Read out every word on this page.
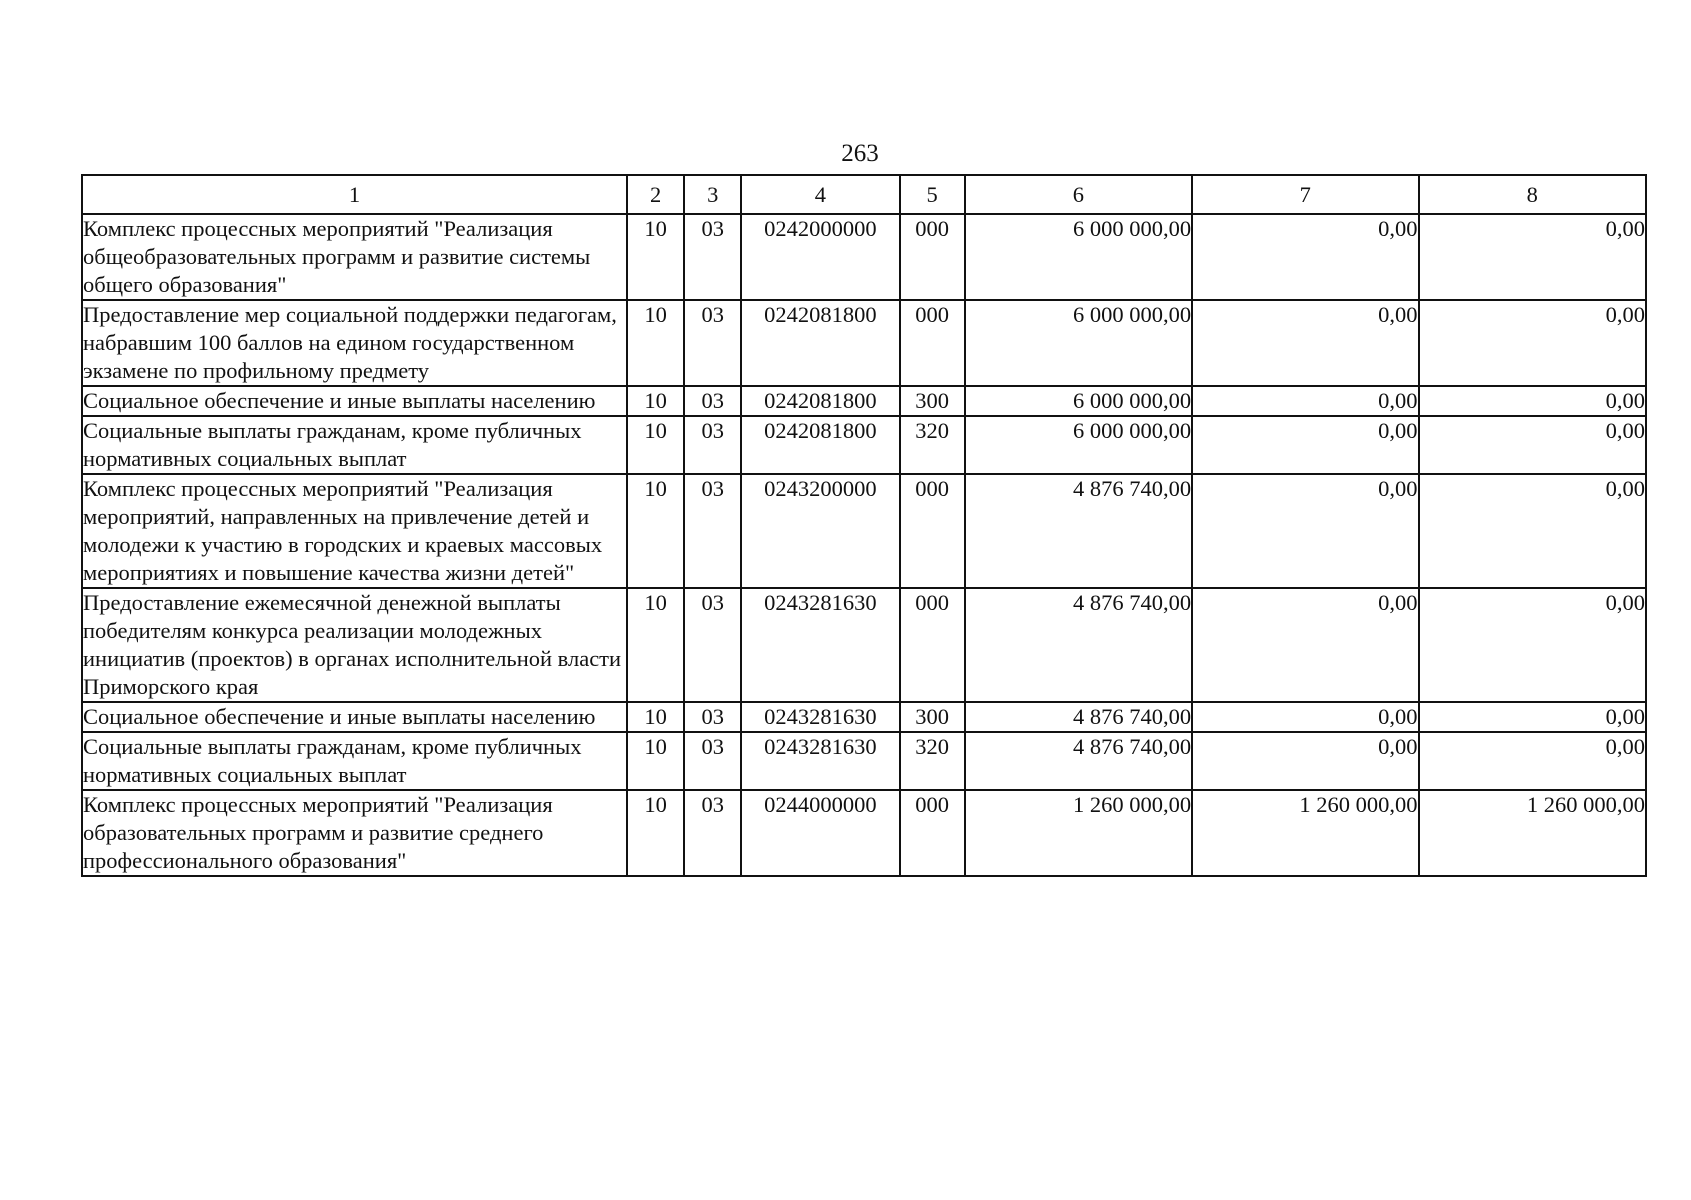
263
1	2	3	4	5	6	7	8
Комплекс процессных мероприятий "Реализация общеобразовательных программ и развитие системы общего образования"	10	03	0242000000	000	6 000 000,00	0,00	0,00

Предоставление мер социальной поддержки педагогам, набравшим 100 баллов на едином государственном экзамене по профильному предмету	10	03	0242081800	000	6 000 000,00	0,00	0,00

Социальное обеспечение и иные выплаты населению	10	03	0242081800	300	6 000 000,00	0,00	0,00

Социальные выплаты гражданам, кроме публичных нормативных социальных выплат	10	03	0242081800	320	6 000 000,00	0,00	0,00

Комплекс процессных мероприятий "Реализация мероприятий, направленных на привлечение детей и молодежи к участию в городских и краевых массовых мероприятиях и повышение качества жизни детей"	10	03	0243200000	000	4 876 740,00	0,00	0,00

Предоставление ежемесячной денежной выплаты победителям конкурса реализации молодежных инициатив (проектов) в органах исполнительной власти Приморского края	10	03	0243281630	000	4 876 740,00	0,00	0,00

Социальное обеспечение и иные выплаты населению	10	03	0243281630	300	4 876 740,00	0,00	0,00

Социальные выплаты гражданам, кроме публичных нормативных социальных выплат	10	03	0243281630	320	4 876 740,00	0,00	0,00

Комплекс процессных мероприятий "Реализация образовательных программ и развитие среднего профессионального образования"	10	03	0244000000	000	1 260 000,00	1 260 000,00	1 260 000,00
